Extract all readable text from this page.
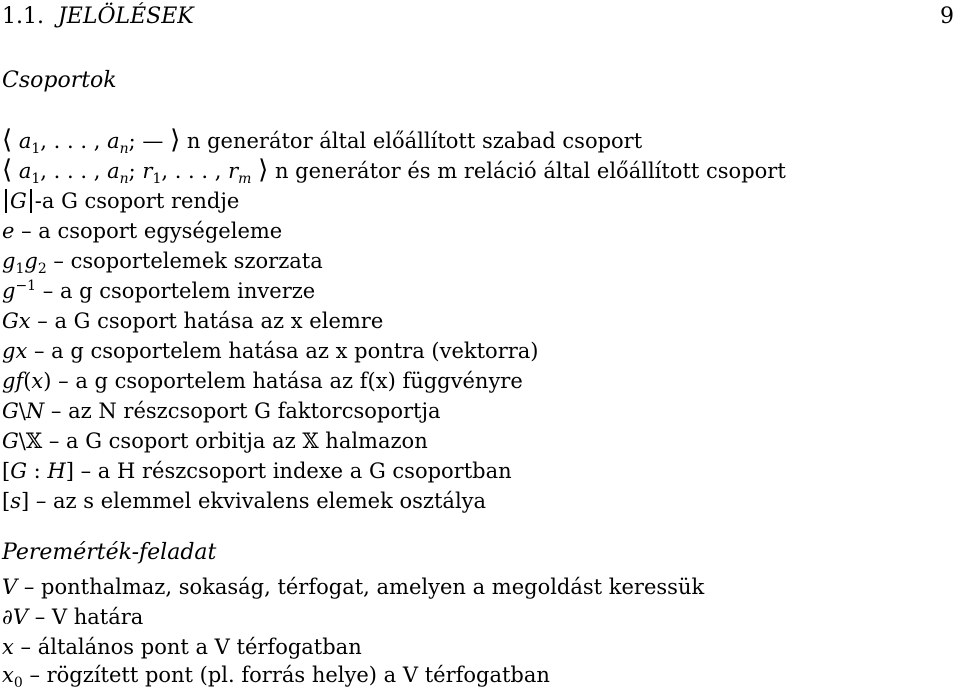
1.1. JELÖLÉSEK	9
Csoportok
⟨ $a_1$, . . . , $a_n$; — ⟩ n generátor által előállított szabad csoport
⟨ $a_1$, . . . , $a_n$; $r_1$, . . . , $r_m$ ⟩ n generátor és m reláció által előállított csoport
G -a G csoport rendje
e – a csoport egységeleme
$g_1g_2$ – csoportelemek szorzata
$g^{-1}$ – a g csoportelem inverze
Gx – a G csoport hatása az x elemre
gx – a g csoportelem hatása az x pontra (vektorra)
gf(x) – a g csoportelem hatása az f(x) függvényre
G\N – az N részcsoport G faktorcsoportja
G\𝕏 – a G csoport orbitja az 𝕏 halmazon
[G : H] – a H részcsoport indexe a G csoportban
[s] – az s elemmel ekvivalens elemek osztálya
Peremérték-feladat
V – ponthalmaz, sokaság, térfogat, amelyen a megoldást keressük
∂V – V határa
x – általános pont a V térfogatban
$x_0$ – rögzített pont (pl. forrás helye) a V térfogatban
